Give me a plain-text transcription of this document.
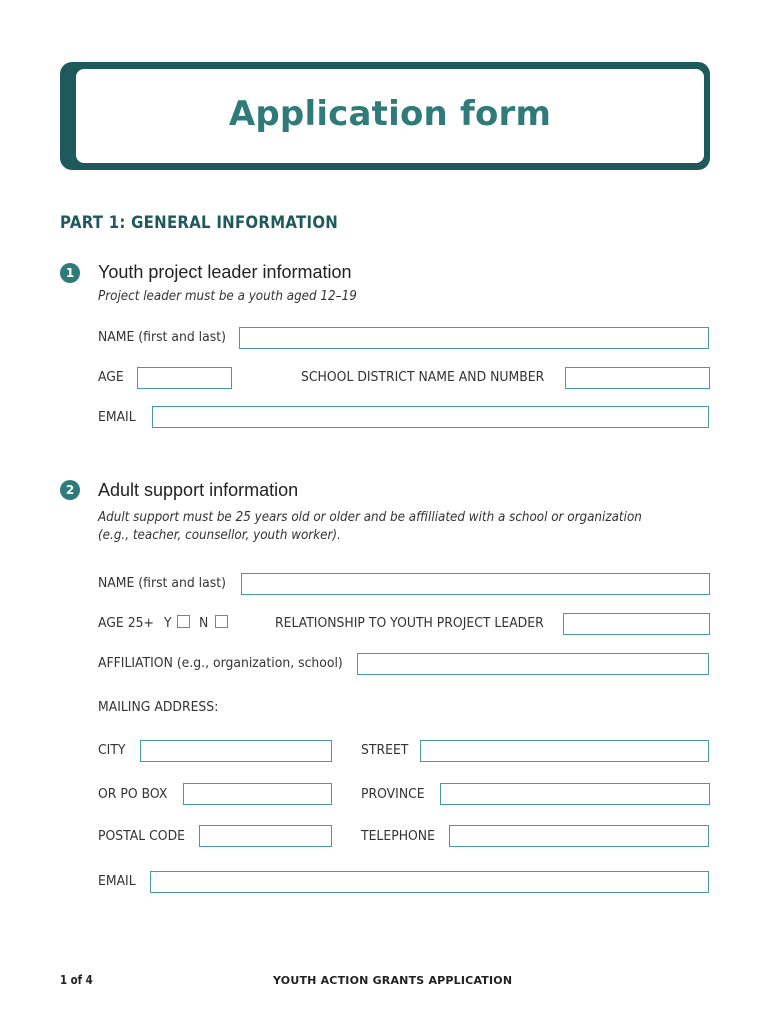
Application form
PART 1: GENERAL INFORMATION
1	Youth project leader information
Project leader must be a youth aged 12–19
NAME (first and last)
AGE	SCHOOL DISTRICT NAME AND NUMBER
EMAIL
2	Adult support information
Adult support must be 25 years old or older and be affilliated with a school or organization
(e.g., teacher, counsellor, youth worker).
NAME (first and last)
AGE 25+ Y N	RELATIONSHIP TO YOUTH PROJECT LEADER
AFFILIATION (e.g., organization, school)
MAILING ADDRESS:
CITY	STREET
OR PO BOX	PROVINCE
POSTAL CODE	TELEPHONE
EMAIL
1 of 4	YOUTH ACTION GRANTS APPLICATION
